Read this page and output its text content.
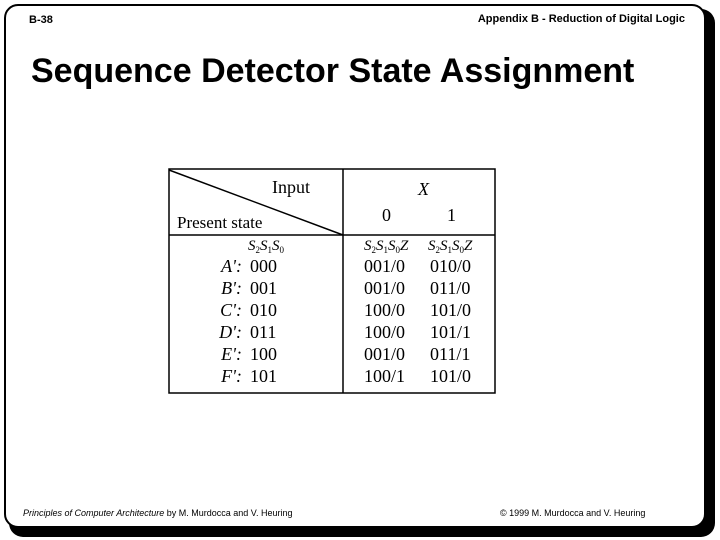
B-38	Appendix B - Reduction of Digital Logic
Sequence Detector State Assignment
Input
Present state
X
0	1
$S_2S_1S_0$	$S_2S_1S_0Z$ $S_2S_1S_0Z$
A': 000	001/0 010/0
B': 001	001/0 011/0
C': 010	100/0 101/0
D': 011	100/0 101/1
E': 100	001/0 011/1
F': 101	100/1 101/0
Principles of Computer Architecture by M. Murdocca and V. Heuring	© 1999 M. Murdocca and V. Heuring
